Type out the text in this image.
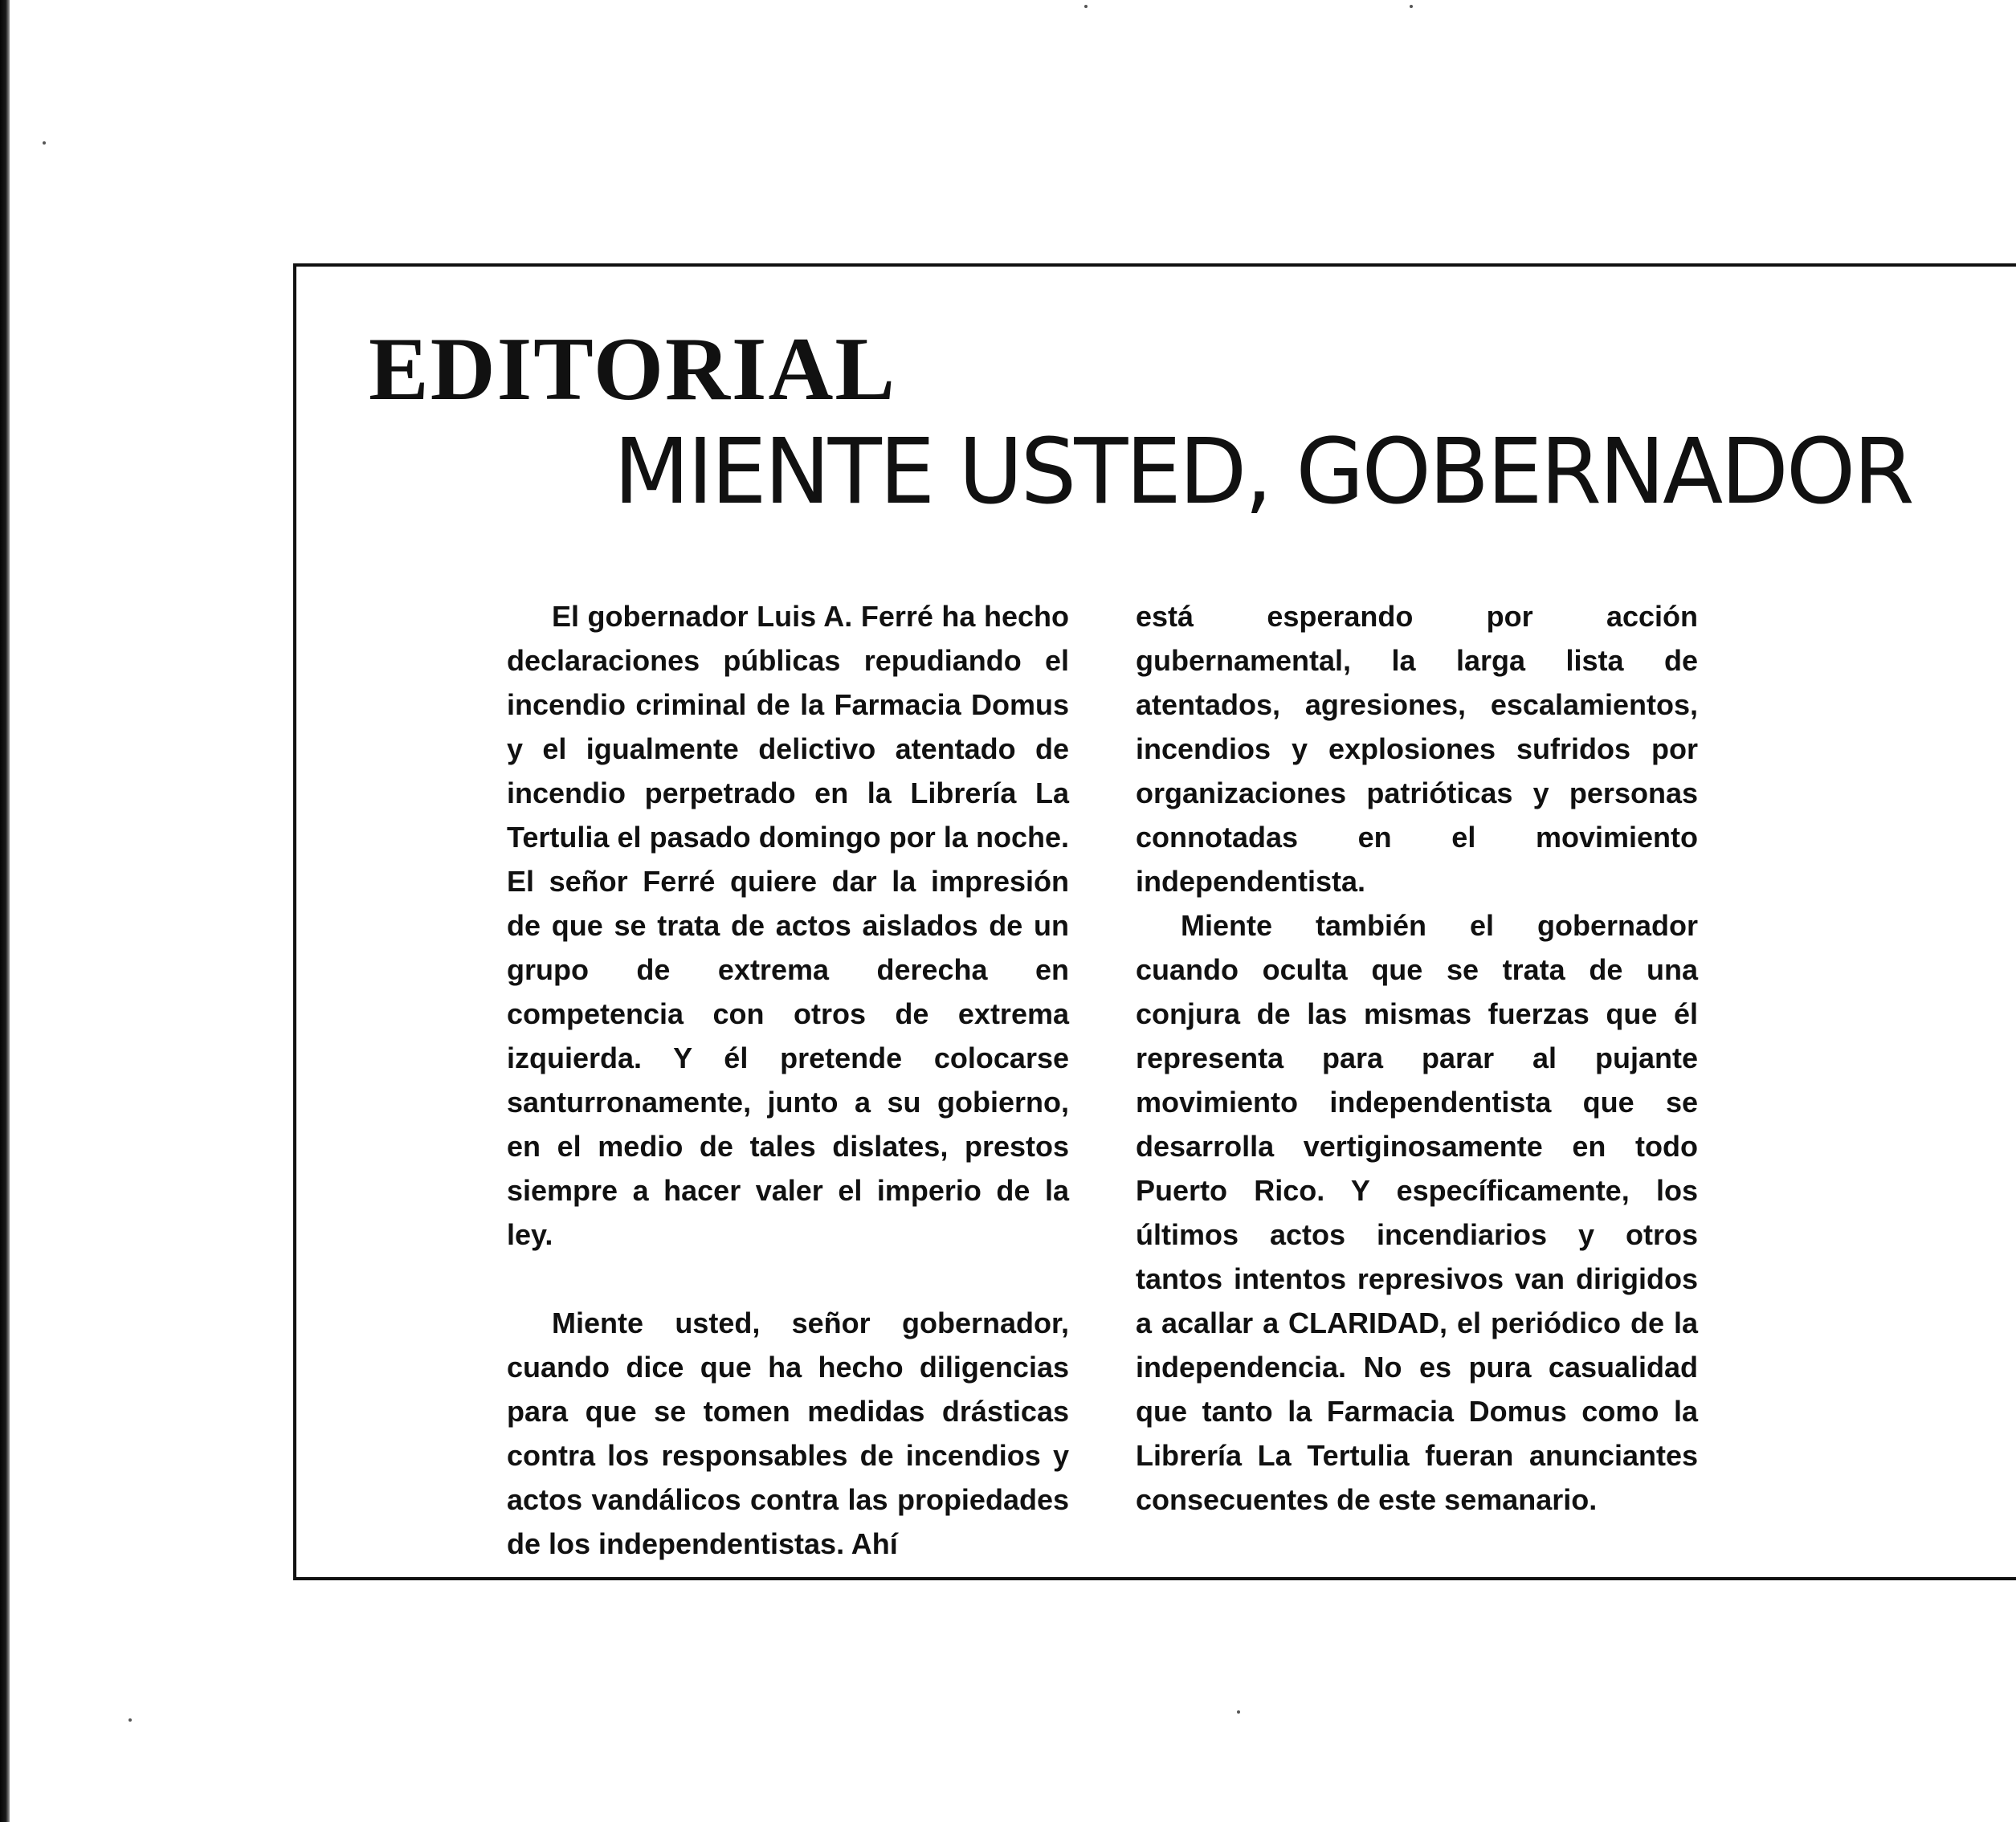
EDITORIAL
MIENTE USTED, GOBERNADOR

El gobernador Luis A. Ferré ha hecho declaraciones públicas repudiando el incendio criminal de la Farmacia Domus y el igualmente delictivo atentado de incendio perpetrado en la Librería La Tertulia el pasado domingo por la noche. El señor Ferré quiere dar la impresión de que se trata de actos aislados de un grupo de extrema derecha en competencia con otros de extrema izquierda. Y él pretende colocarse santurronamente, junto a su gobierno, en el medio de tales dislates, prestos siempre a hacer valer el imperio de la ley.

Miente usted, señor gobernador, cuando dice que ha hecho diligencias para que se tomen medidas drásticas contra los responsables de incendios y actos vandálicos contra las propiedades de los independentistas. Ahí

está esperando por acción gubernamental, la larga lista de atentados, agresiones, escalamientos, incendios y explosiones sufridos por organizaciones patrióticas y personas connotadas en el movimiento independentista.

Miente también el gobernador cuando oculta que se trata de una conjura de las mismas fuerzas que él representa para parar al pujante movimiento independentista que se desarrolla vertiginosamente en todo Puerto Rico. Y específicamente, los últimos actos incendiarios y otros tantos intentos represivos van dirigidos a acallar a CLARIDAD, el periódico de la independencia. No es pura casualidad que tanto la Farmacia Domus como la Librería La Tertulia fueran anunciantes consecuentes de este semanario.
